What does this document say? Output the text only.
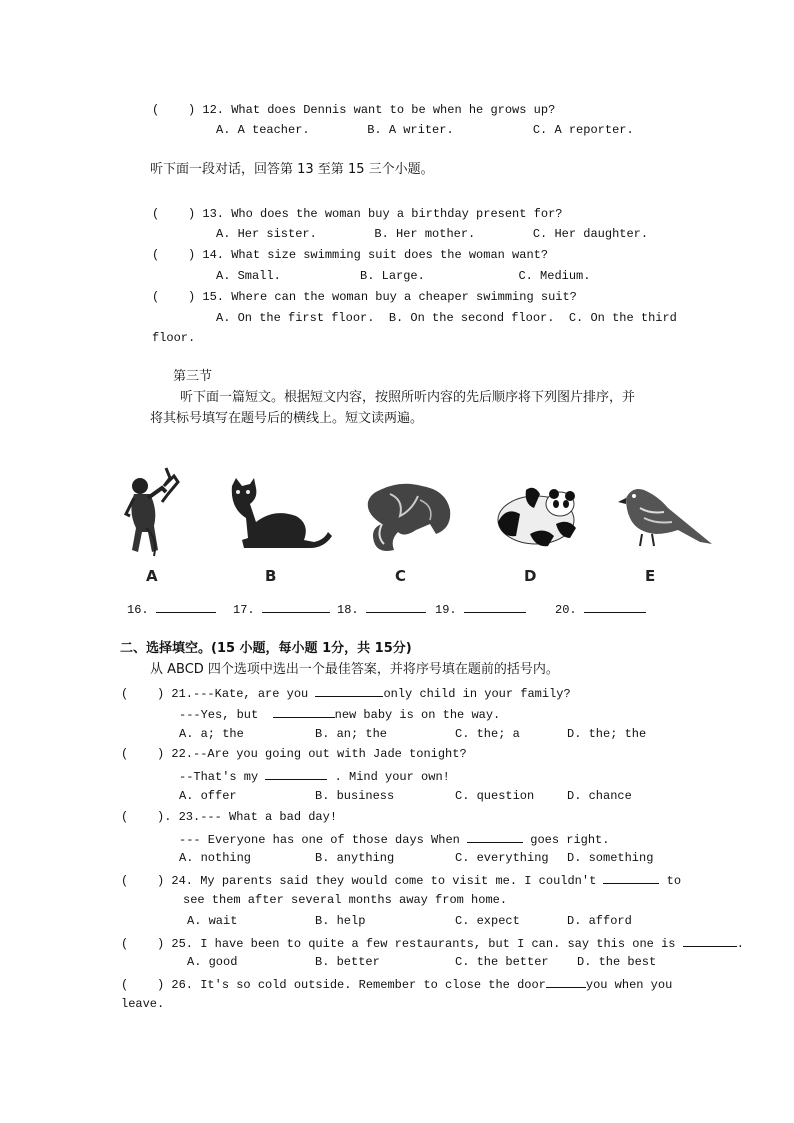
(    ) 12. What does Dennis want to be when he grows up?
A. A teacher.        B. A writer.           C. A reporter.
听下面一段对话，回答第 13 至第 15 三个小题。
(    ) 13. Who does the woman buy a birthday present for?
A. Her sister.        B. Her mother.        C. Her daughter.
(    ) 14. What size swimming suit does the woman want?
A. Small.           B. Large.             C. Medium.
(    ) 15. Where can the woman buy a cheaper swimming suit?
A. On the first floor.  B. On the second floor.  C. On the third
floor.
第三节
听下面一篇短文。根据短文内容，按照所听内容的先后顺序将下列图片排序，并
将其标号填写在题号后的横线上。短文读两遍。
A	B	C	D	E
16.	17.	18.	19.	20.
二、选择填空。(15 小题，每小题 1分，共 15分)
从 ABCD 四个选项中选出一个最佳答案，并将序号填在题前的括号内。
(    ) 21.---Kate, are you	only child in your family?
---Yes, but	new baby is on the way.
A. a; the	B. an; the	C. the; a	D. the; the
(    ) 22.--Are you going out with Jade tonight?
--That's my	. Mind your own!
A. offer	B. business	C. question	D. chance
(    ). 23.--- What a bad day!
--- Everyone has one of those days When	goes right.
A. nothing	B. anything	C. everything D. something
(    ) 24. My parents said they would come to visit me. I couldn't	to
see them after several months away from home.
A. wait	B. help	C. expect	D. afford
(    ) 25. I have been to quite a few restaurants, but I can. say this one is	.
A. good	B. better	C. the better D. the best
(    ) 26. It's so cold outside. Remember to close the door	you when you
leave.
